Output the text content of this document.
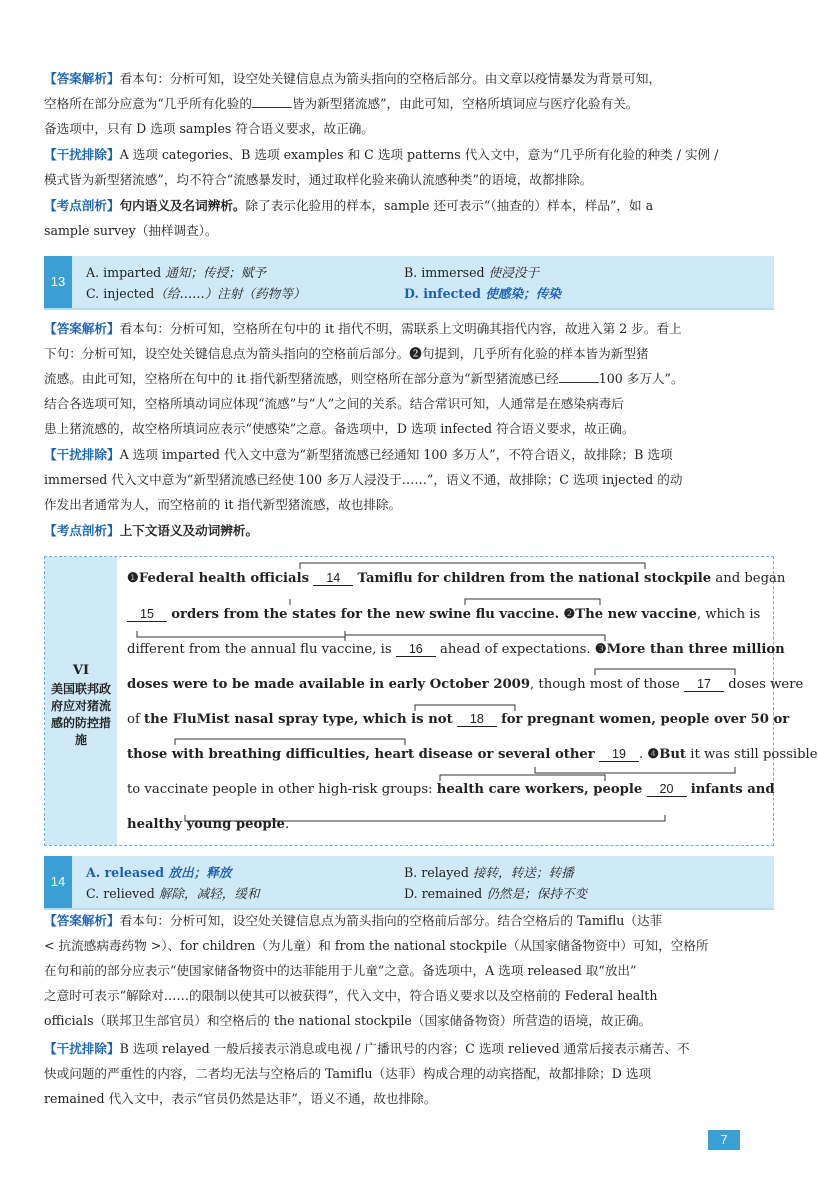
【答案解析】看本句：分析可知，设空处关键信息点为箭头指向的空格后部分。由文章以疫情暴发为背景可知，
空格所在部分应意为“几乎所有化验的	皆为新型猪流感”，由此可知，空格所填词应与医疗化验有关。
备选项中，只有 D 选项 samples 符合语义要求，故正确。

【干扰排除】A 选项 categories、B 选项 examples 和 C 选项 patterns 代入文中，意为“几乎所有化验的种类 / 实例 /
模式皆为新型猪流感”，均不符合“流感暴发时，通过取样化验来确认流感种类”的语境，故都排除。

【考点剖析】句内语义及名词辨析。除了表示化验用的样本，sample 还可表示“（抽查的）样本，样品”，如 a
sample survey（抽样调查）。

13
A. imparted 通知；传授；赋予	B. immersed 使浸没于
C. injected（给……）注射（药物等）	D. infected 使感染；传染

【答案解析】看本句：分析可知，空格所在句中的 it 指代不明，需联系上文明确其指代内容，故进入第 2 步。看上
下句：分析可知，设空处关键信息点为箭头指向的空格前后部分。❷句提到，几乎所有化验的样本皆为新型猪
流感。由此可知，空格所在句中的 it 指代新型猪流感，则空格所在部分意为“新型猪流感已经	100 多万人”。
结合各选项可知，空格所填动词应体现“流感”与“人”之间的关系。结合常识可知，人通常是在感染病毒后
患上猪流感的，故空格所填词应表示“使感染”之意。备选项中，D 选项 infected 符合语义要求，故正确。

【干扰排除】A 选项 imparted 代入文中意为“新型猪流感已经通知 100 多万人”，不符合语义，故排除；B 选项
immersed 代入文中意为“新型猪流感已经使 100 多万人浸没于……”，语义不通，故排除；C 选项 injected 的动
作发出者通常为人，而空格前的 it 指代新型猪流感，故也排除。

【考点剖析】上下文语义及动词辨析。

VI
美国联邦政府应对猪流感的防控措施
❶Federal health officials 14 Tamiflu for children from the national stockpile and began
15 orders from the states for the new swine flu vaccine. ❷The new vaccine, which is
different from the annual flu vaccine, is 16 ahead of expectations. ❸More than three million
doses were to be made available in early October 2009, though most of those 17 doses were
of the FluMist nasal spray type, which is not 18 for pregnant women, people over 50 or
those with breathing difficulties, heart disease or several other 19 . ❹But it was still possible
to vaccinate people in other high-risk groups: health care workers, people 20 infants and
healthy young people.
14
A. released 放出；释放	B. relayed 接转，转送；转播
C. relieved 解除，减轻，缓和	D. remained 仍然是；保持不变

【答案解析】看本句：分析可知，设空处关键信息点为箭头指向的空格前后部分。结合空格后的 Tamiflu（达菲
< 抗流感病毒药物 >）、for children（为儿童）和 from the national stockpile（从国家储备物资中）可知，空格所
在句和前的部分应表示“使国家储备物资中的达菲能用于儿童”之意。备选项中，A 选项 released 取“放出”
之意时可表示“解除对……的限制以使其可以被获得”，代入文中，符合语义要求以及空格前的 Federal health
officials（联邦卫生部官员）和空格后的 the national stockpile（国家储备物资）所营造的语境，故正确。

【干扰排除】B 选项 relayed 一般后接表示消息或电视 / 广播讯号的内容；C 选项 relieved 通常后接表示痛苦、不
快或问题的严重性的内容，二者均无法与空格后的 Tamiflu（达菲）构成合理的动宾搭配，故都排除；D 选项
remained 代入文中，表示“官员仍然是达菲”，语义不通，故也排除。

7
